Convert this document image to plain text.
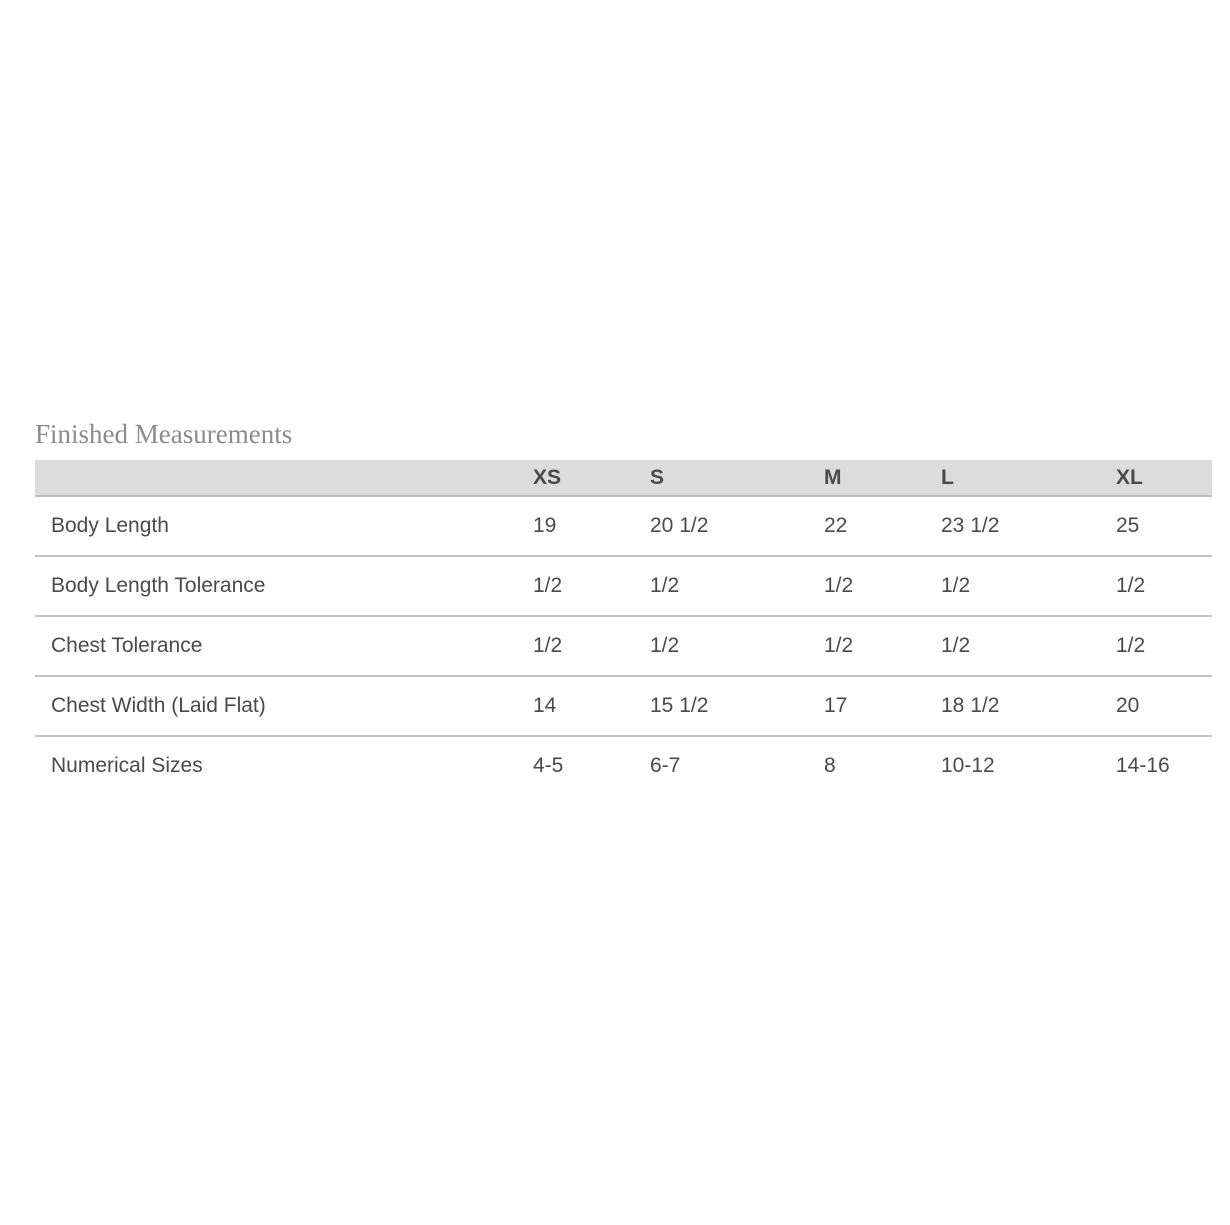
Finished Measurements
	XS	S	M	L	XL
Body Length	19	20 1/2	22	23 1/2	25
Body Length Tolerance	1/2	1/2	1/2	1/2	1/2
Chest Tolerance	1/2	1/2	1/2	1/2	1/2
Chest Width (Laid Flat)	14	15 1/2	17	18 1/2	20
Numerical Sizes	4-5	6-7	8	10-12	14-16
